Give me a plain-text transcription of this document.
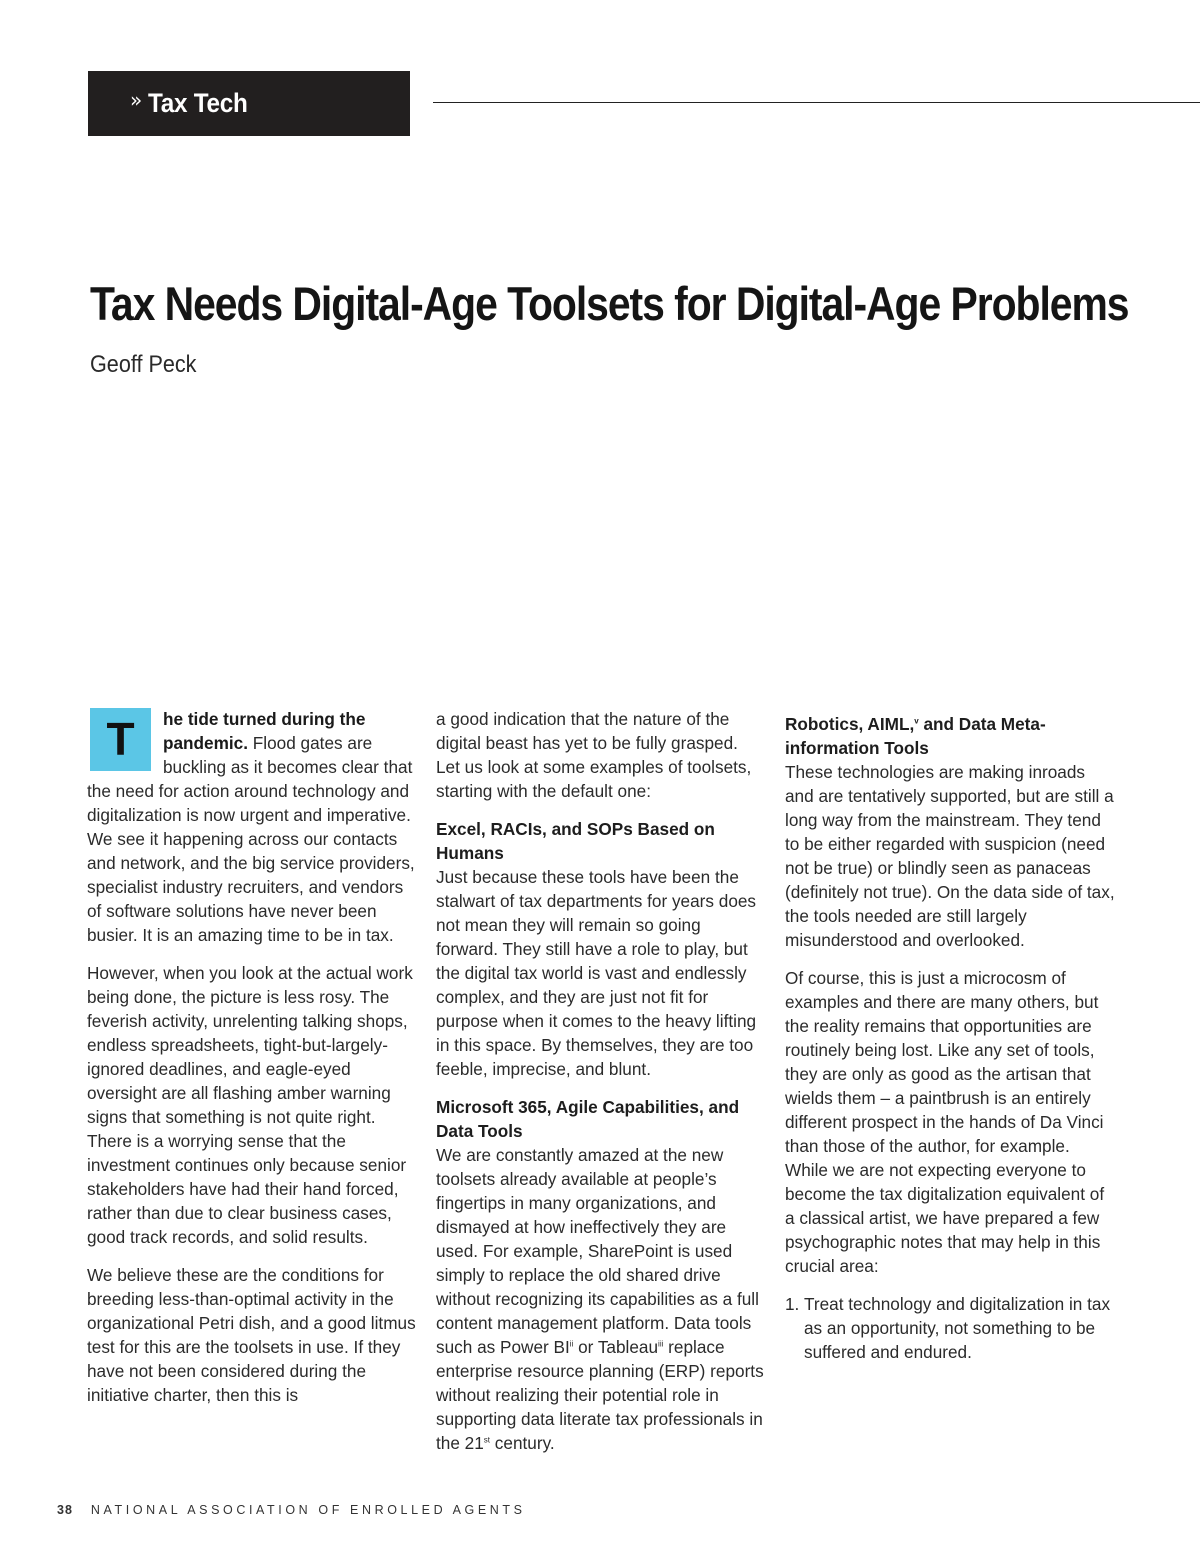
» Tax Tech
Tax Needs Digital-Age Toolsets for Digital-Age Problems
Geoff Peck

T	he tide turned during the
pandemic. Flood gates are buckling as it becomes clear that the need for action around technology and digitalization is now urgent and imperative. We see it happening across our contacts and network, and the big service providers, specialist industry recruiters, and vendors of software solutions have never been busier. It is an amazing time to be in tax.

However, when you look at the actual work being done, the picture is less rosy. The feverish activity, unrelenting talking shops, endless spreadsheets, tight-but-largely-ignored deadlines, and eagle-eyed oversight are all flashing amber warning signs that something is not quite right. There is a worrying sense that the investment continues only because senior stakeholders have had their hand forced, rather than due to clear business cases, good track records, and solid results.

We believe these are the conditions for breeding less-than-optimal activity in the organizational Petri dish, and a good litmus test for this are the toolsets in use. If they have not been considered during the initiative charter, then this is

a good indication that the nature of the digital beast has yet to be fully grasped. Let us look at some examples of toolsets, starting with the default one:

Excel, RACIs, and SOPs Based on Humans

Just because these tools have been the stalwart of tax departments for years does not mean they will remain so going forward. They still have a role to play, but the digital tax world is vast and endlessly complex, and they are just not fit for purpose when it comes to the heavy lifting in this space. By themselves, they are too feeble, imprecise, and blunt.

Microsoft 365, Agile Capabilities, and Data Tools

We are constantly amazed at the new toolsets already available at people’s fingertips in many organizations, and dismayed at how ineffectively they are used. For example, SharePoint is used simply to replace the old shared drive without recognizing its capabilities as a full content management platform. Data tools such as Power BI$^{ii}$ or Tableau$^{iii}$ replace enterprise resource planning (ERP) reports without realizing their potential role in supporting data literate tax professionals in the 21st century.

Robotics, AIML,$^v$ and Data Meta-information Tools

These technologies are making inroads and are tentatively supported, but are still a long way from the mainstream. They tend to be either regarded with suspicion (need not be true) or blindly seen as panaceas (definitely not true). On the data side of tax, the tools needed are still largely misunderstood and overlooked.

Of course, this is just a microcosm of examples and there are many others, but the reality remains that opportunities are routinely being lost. Like any set of tools, they are only as good as the artisan that wields them – a paintbrush is an entirely different prospect in the hands of Da Vinci than those of the author, for example. While we are not expecting everyone to become the tax digitalization equivalent of a classical artist, we have prepared a few psychographic notes that may help in this crucial area:

1. Treat technology and digitalization in tax as an opportunity, not something to be suffered and endured.
38 NATIONAL ASSOCIATION OF ENROLLED AGENTS
